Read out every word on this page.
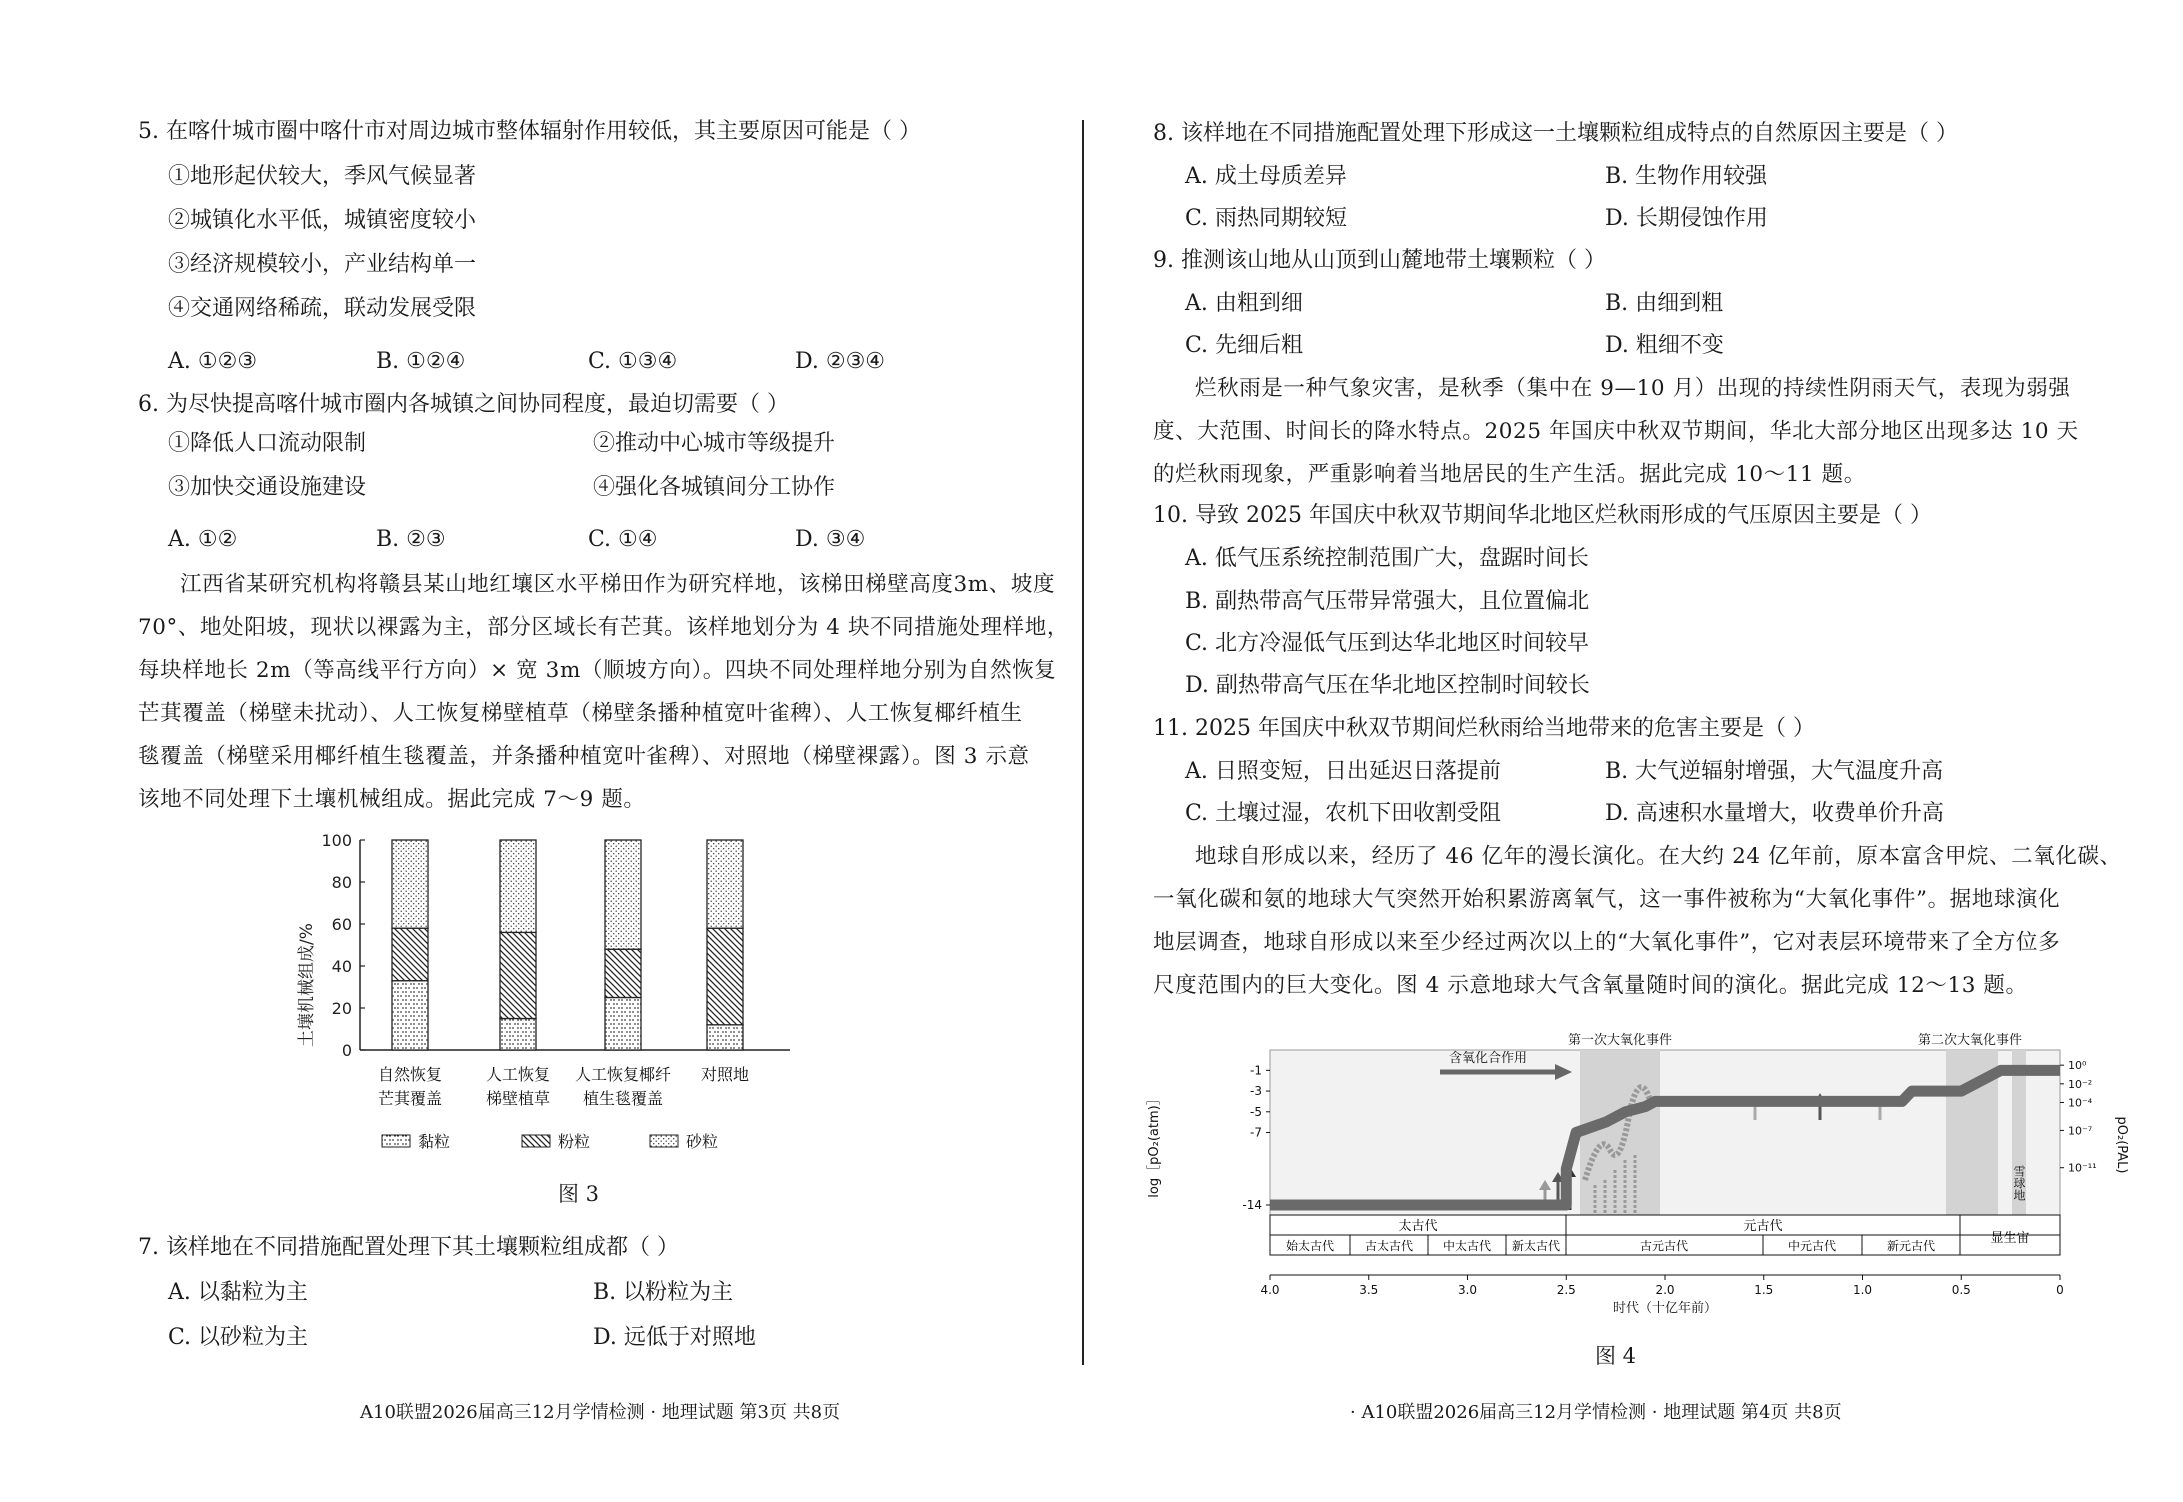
5. 在喀什城市圈中喀什市对周边城市整体辐射作用较低，其主要原因可能是（ ）
①地形起伏较大，季风气候显著
②城镇化水平低，城镇密度较小
③经济规模较小，产业结构单一
④交通网络稀疏，联动发展受限
A. ①②③	B. ①②④	C. ①③④	D. ②③④
6. 为尽快提高喀什城市圈内各城镇之间协同程度，最迫切需要（ ）
①降低人口流动限制	②推动中心城市等级提升
③加快交通设施建设	④强化各城镇间分工协作
A. ①②	B. ②③	C. ①④	D. ③④
江西省某研究机构将赣县某山地红壤区水平梯田作为研究样地，该梯田梯壁高度3m、坡度
70°、地处阳坡，现状以裸露为主，部分区域长有芒萁。该样地划分为 4 块不同措施处理样地，
每块样地长 2m（等高线平行方向）× 宽 3m（顺坡方向）。四块不同处理样地分别为自然恢复
芒萁覆盖（梯壁未扰动）、人工恢复梯壁植草（梯壁条播种植宽叶雀稗）、人工恢复椰纤植生
毯覆盖（梯壁采用椰纤植生毯覆盖，并条播种植宽叶雀稗）、对照地（梯壁裸露）。图 3 示意
该地不同处理下土壤机械组成。据此完成 7～9 题。
土壤机械组成/%
0
20
40
60
80
100
自然恢复
芒萁覆盖
人工恢复
梯壁植草
人工恢复椰纤
植生毯覆盖
对照地
黏粒	粉粒	砂粒
图 3
7. 该样地在不同措施配置处理下其土壤颗粒组成都（ ）
A. 以黏粒为主	B. 以粉粒为主
C. 以砂粒为主	D. 远低于对照地
A10联盟2026届高三12月学情检测 · 地理试题 第3页 共8页
8. 该样地在不同措施配置处理下形成这一土壤颗粒组成特点的自然原因主要是（ ）
A. 成土母质差异	B. 生物作用较强
C. 雨热同期较短	D. 长期侵蚀作用
9. 推测该山地从山顶到山麓地带土壤颗粒（ ）
A. 由粗到细	B. 由细到粗
C. 先细后粗	D. 粗细不变
烂秋雨是一种气象灾害，是秋季（集中在 9—10 月）出现的持续性阴雨天气，表现为弱强
度、大范围、时间长的降水特点。2025 年国庆中秋双节期间，华北大部分地区出现多达 10 天
的烂秋雨现象，严重影响着当地居民的生产生活。据此完成 10～11 题。
10. 导致 2025 年国庆中秋双节期间华北地区烂秋雨形成的气压原因主要是（ ）
A. 低气压系统控制范围广大，盘踞时间长
B. 副热带高气压带异常强大，且位置偏北
C. 北方冷湿低气压到达华北地区时间较早
D. 副热带高气压在华北地区控制时间较长
11. 2025 年国庆中秋双节期间烂秋雨给当地带来的危害主要是（ ）
A. 日照变短，日出延迟日落提前	B. 大气逆辐射增强，大气温度升高
C. 土壤过湿，农机下田收割受阻	D. 高速积水量增大，收费单价升高
地球自形成以来，经历了 46 亿年的漫长演化。在大约 24 亿年前，原本富含甲烷、二氧化碳、
一氧化碳和氨的地球大气突然开始积累游离氧气，这一事件被称为“大氧化事件”。据地球演化
地层调查，地球自形成以来至少经过两次以上的“大氧化事件”，它对表层环境带来了全方位多
尺度范围内的巨大变化。图 4 示意地球大气含氧量随时间的演化。据此完成 12～13 题。
第一次大氧化事件	第二次大氧化事件
雪球地
含氧化合作用
log［pO₂(atm)］	pO₂(PAL)
-1
-3
-5
-7
-14
10⁰
10⁻²
10⁻⁴
10⁻⁷
10⁻¹¹
太古代	元古代
显生宙
始太古代	古太古代 中太古代 新太古代	古元古代	中元古代	新元古代
4.0	3.5	3.0	2.5	2.0	1.5	1.0	0.5	0
时代（十亿年前）
图 4
· A10联盟2026届高三12月学情检测 · 地理试题 第4页 共8页
